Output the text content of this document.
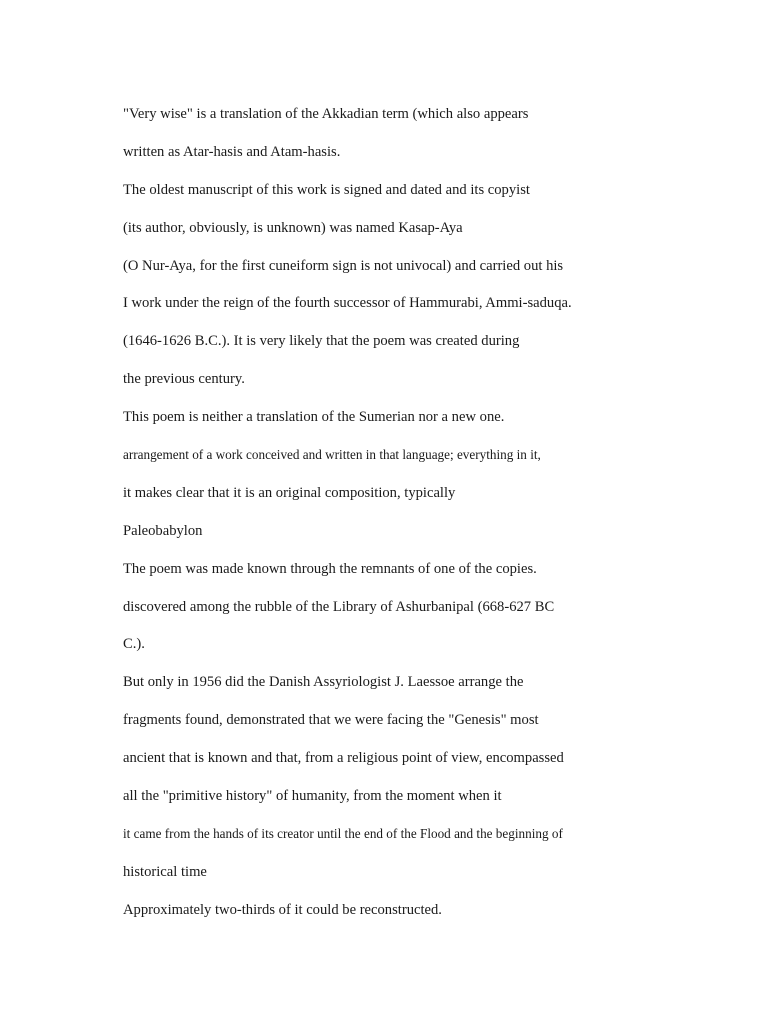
"Very wise" is a translation of the Akkadian term (which also appears
written as Atar-hasis and Atam-hasis.
The oldest manuscript of this work is signed and dated and its copyist
(its author, obviously, is unknown) was named Kasap-Aya
(O Nur-Aya, for the first cuneiform sign is not univocal) and carried out his
I work under the reign of the fourth successor of Hammurabi, Ammi-saduqa.
(1646-1626 B.C.). It is very likely that the poem was created during
the previous century.
This poem is neither a translation of the Sumerian nor a new one.
arrangement of a work conceived and written in that language; everything in it,
it makes clear that it is an original composition, typically
Paleobabylon
The poem was made known through the remnants of one of the copies.
discovered among the rubble of the Library of Ashurbanipal (668-627 BC
C.).
But only in 1956 did the Danish Assyriologist J. Laessoe arrange the
fragments found, demonstrated that we were facing the "Genesis" most
ancient that is known and that, from a religious point of view, encompassed
all the "primitive history" of humanity, from the moment when it
it came from the hands of its creator until the end of the Flood and the beginning of
historical time
Approximately two-thirds of it could be reconstructed.
